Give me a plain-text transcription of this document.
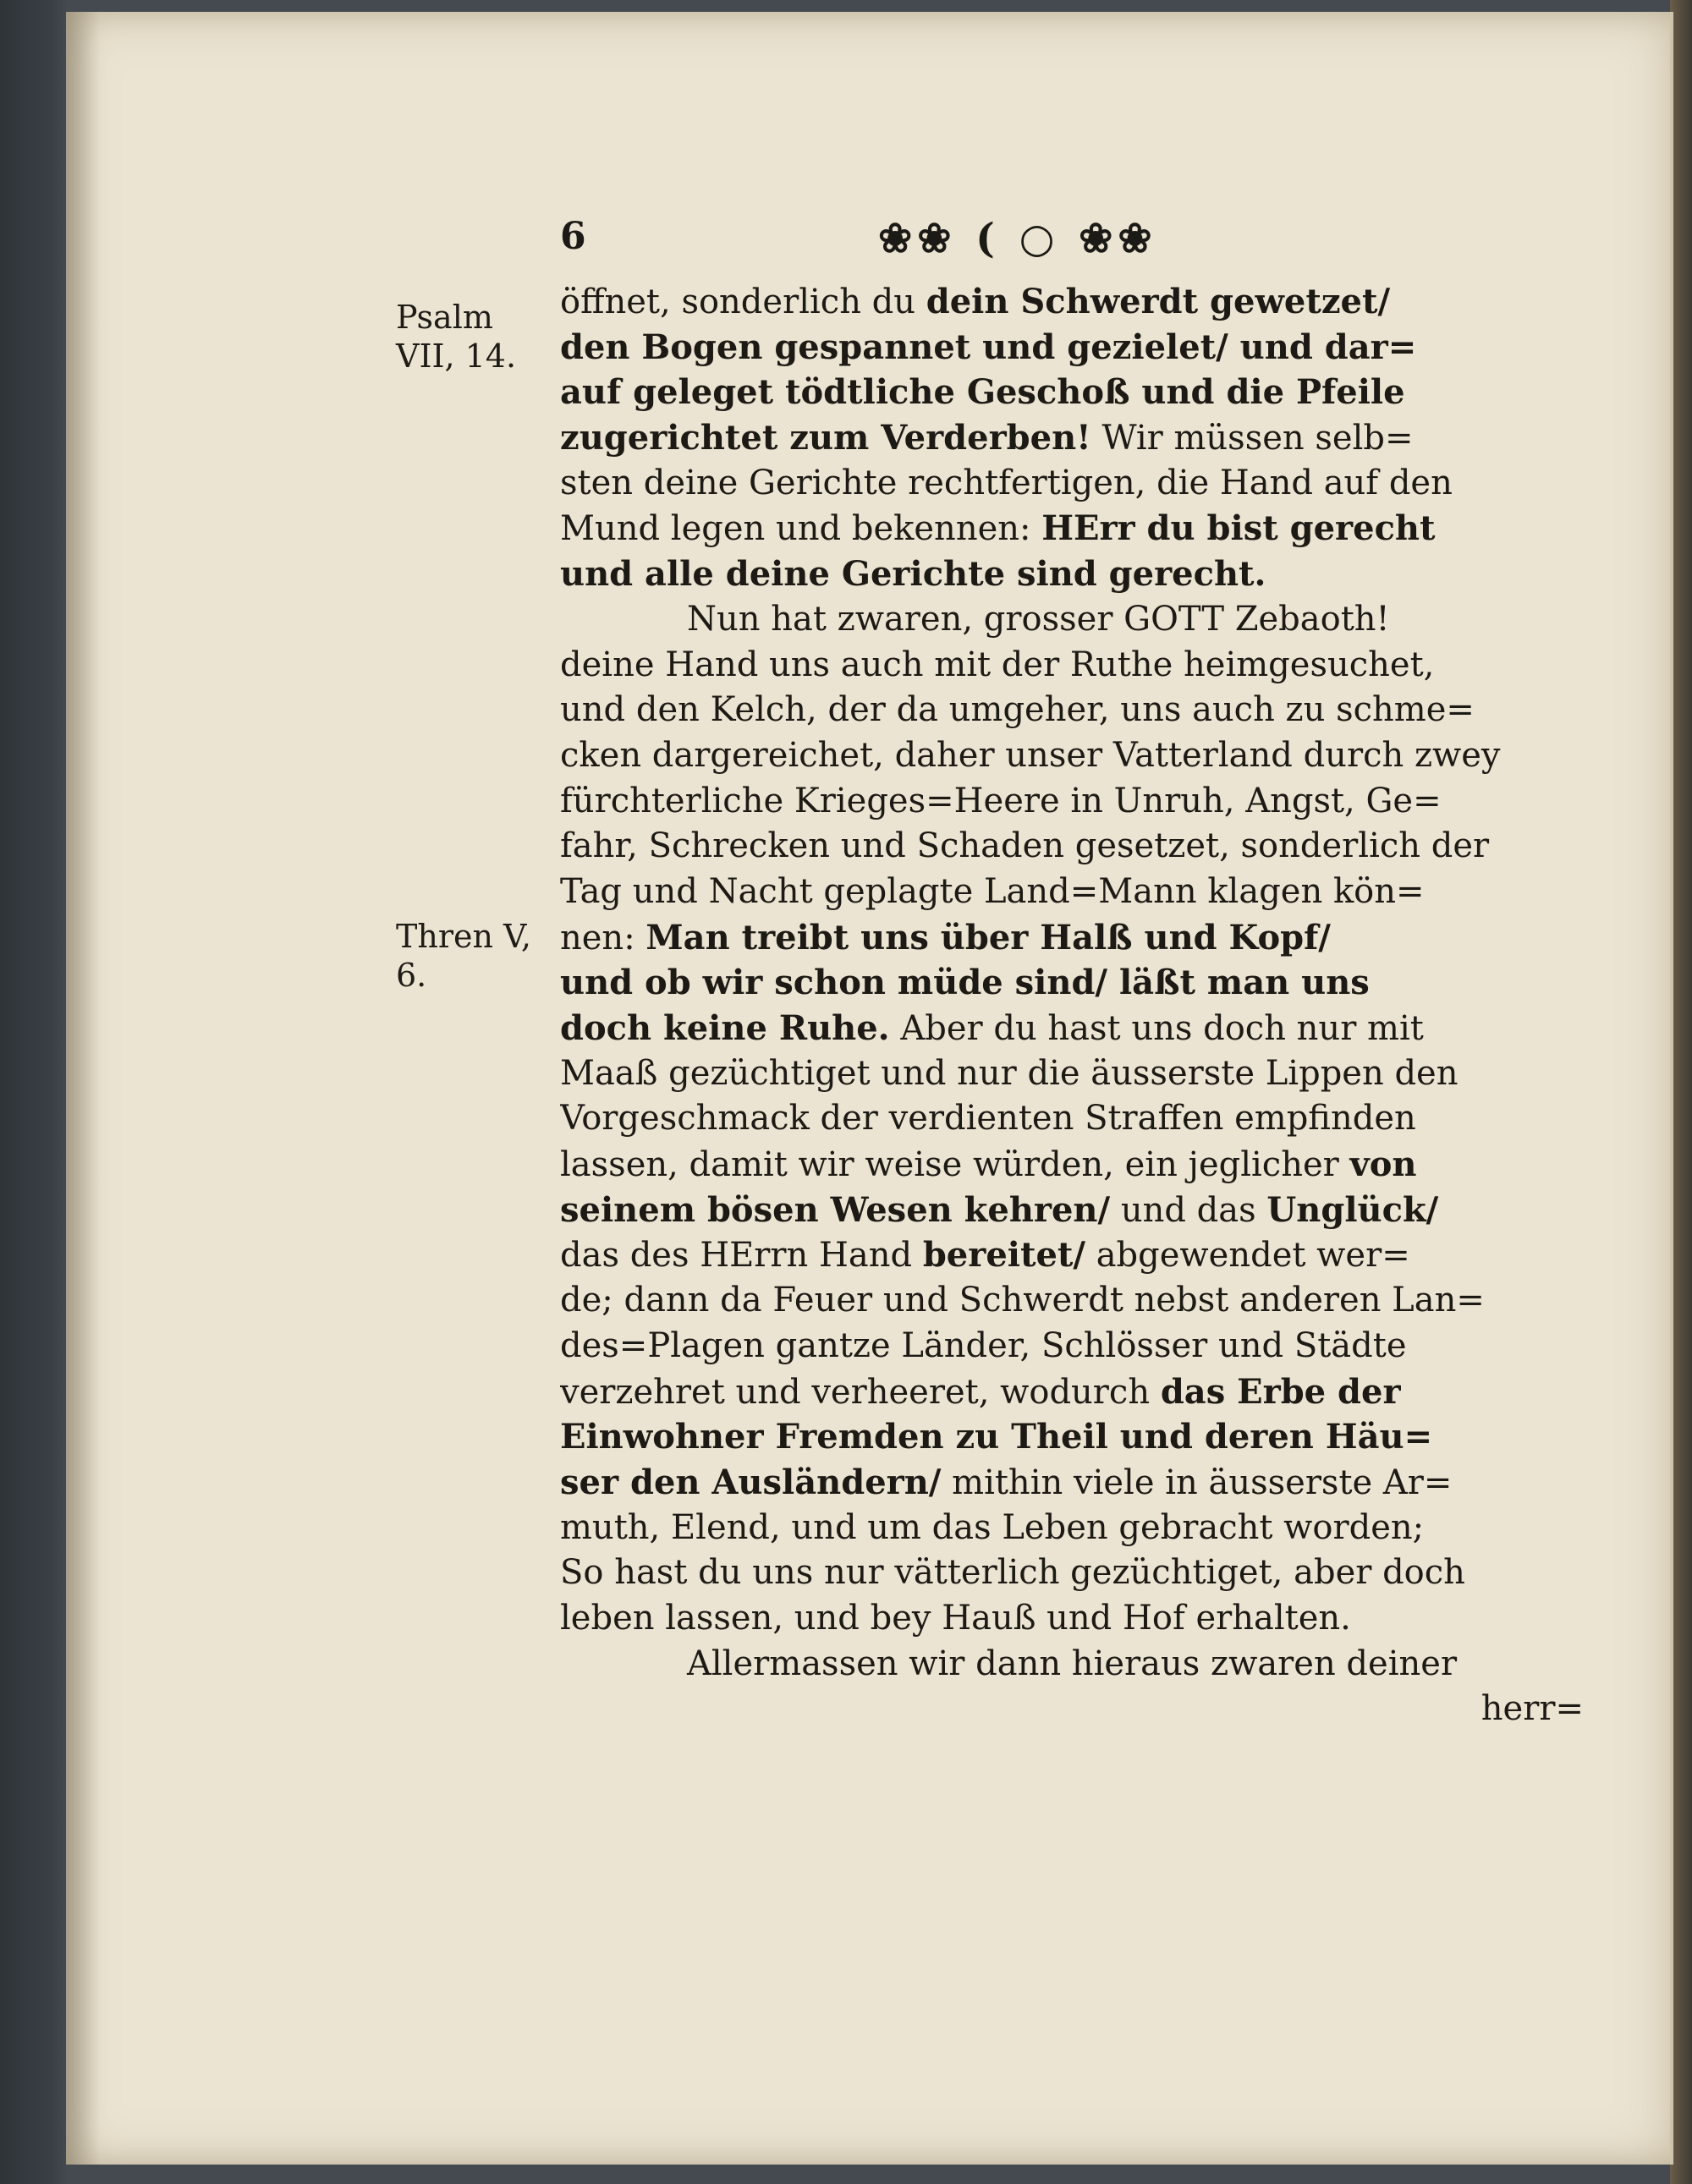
6	❀❀ ( ○ ❀❀
Psalm
VII, 14.
Thren V,
6.
öffnet, sonderlich du dein Schwerdt gewetzet/
den Bogen gespannet und gezielet/ und dar=
auf geleget tödtliche Geschoß und die Pfeile
zugerichtet zum Verderben! Wir müssen selb=
sten deine Gerichte rechtfertigen, die Hand auf den
Mund legen und bekennen: HErr du bist gerecht
und alle deine Gerichte sind gerecht.
Nun hat zwaren, grosser GOTT Zebaoth!
deine Hand uns auch mit der Ruthe heimgesuchet,
und den Kelch, der da umgeher, uns auch zu schme=
cken dargereichet, daher unser Vatterland durch zwey
fürchterliche Krieges=Heere in Unruh, Angst, Ge=
fahr, Schrecken und Schaden gesetzet, sonderlich der
Tag und Nacht geplagte Land=Mann klagen kön=
nen: Man treibt uns über Halß und Kopf/
und ob wir schon müde sind/ läßt man uns
doch keine Ruhe. Aber du hast uns doch nur mit
Maaß gezüchtiget und nur die äusserste Lippen den
Vorgeschmack der verdienten Straffen empfinden
lassen, damit wir weise würden, ein jeglicher von
seinem bösen Wesen kehren/ und das Unglück/
das des HErrn Hand bereitet/ abgewendet wer=
de; dann da Feuer und Schwerdt nebst anderen Lan=
des=Plagen gantze Länder, Schlösser und Städte
verzehret und verheeret, wodurch das Erbe der
Einwohner Fremden zu Theil und deren Häu=
ser den Ausländern/ mithin viele in äusserste Ar=
muth, Elend, und um das Leben gebracht worden;
So hast du uns nur vätterlich gezüchtiget, aber doch
leben lassen, und bey Hauß und Hof erhalten.
Allermassen wir dann hieraus zwaren deiner
herr=
